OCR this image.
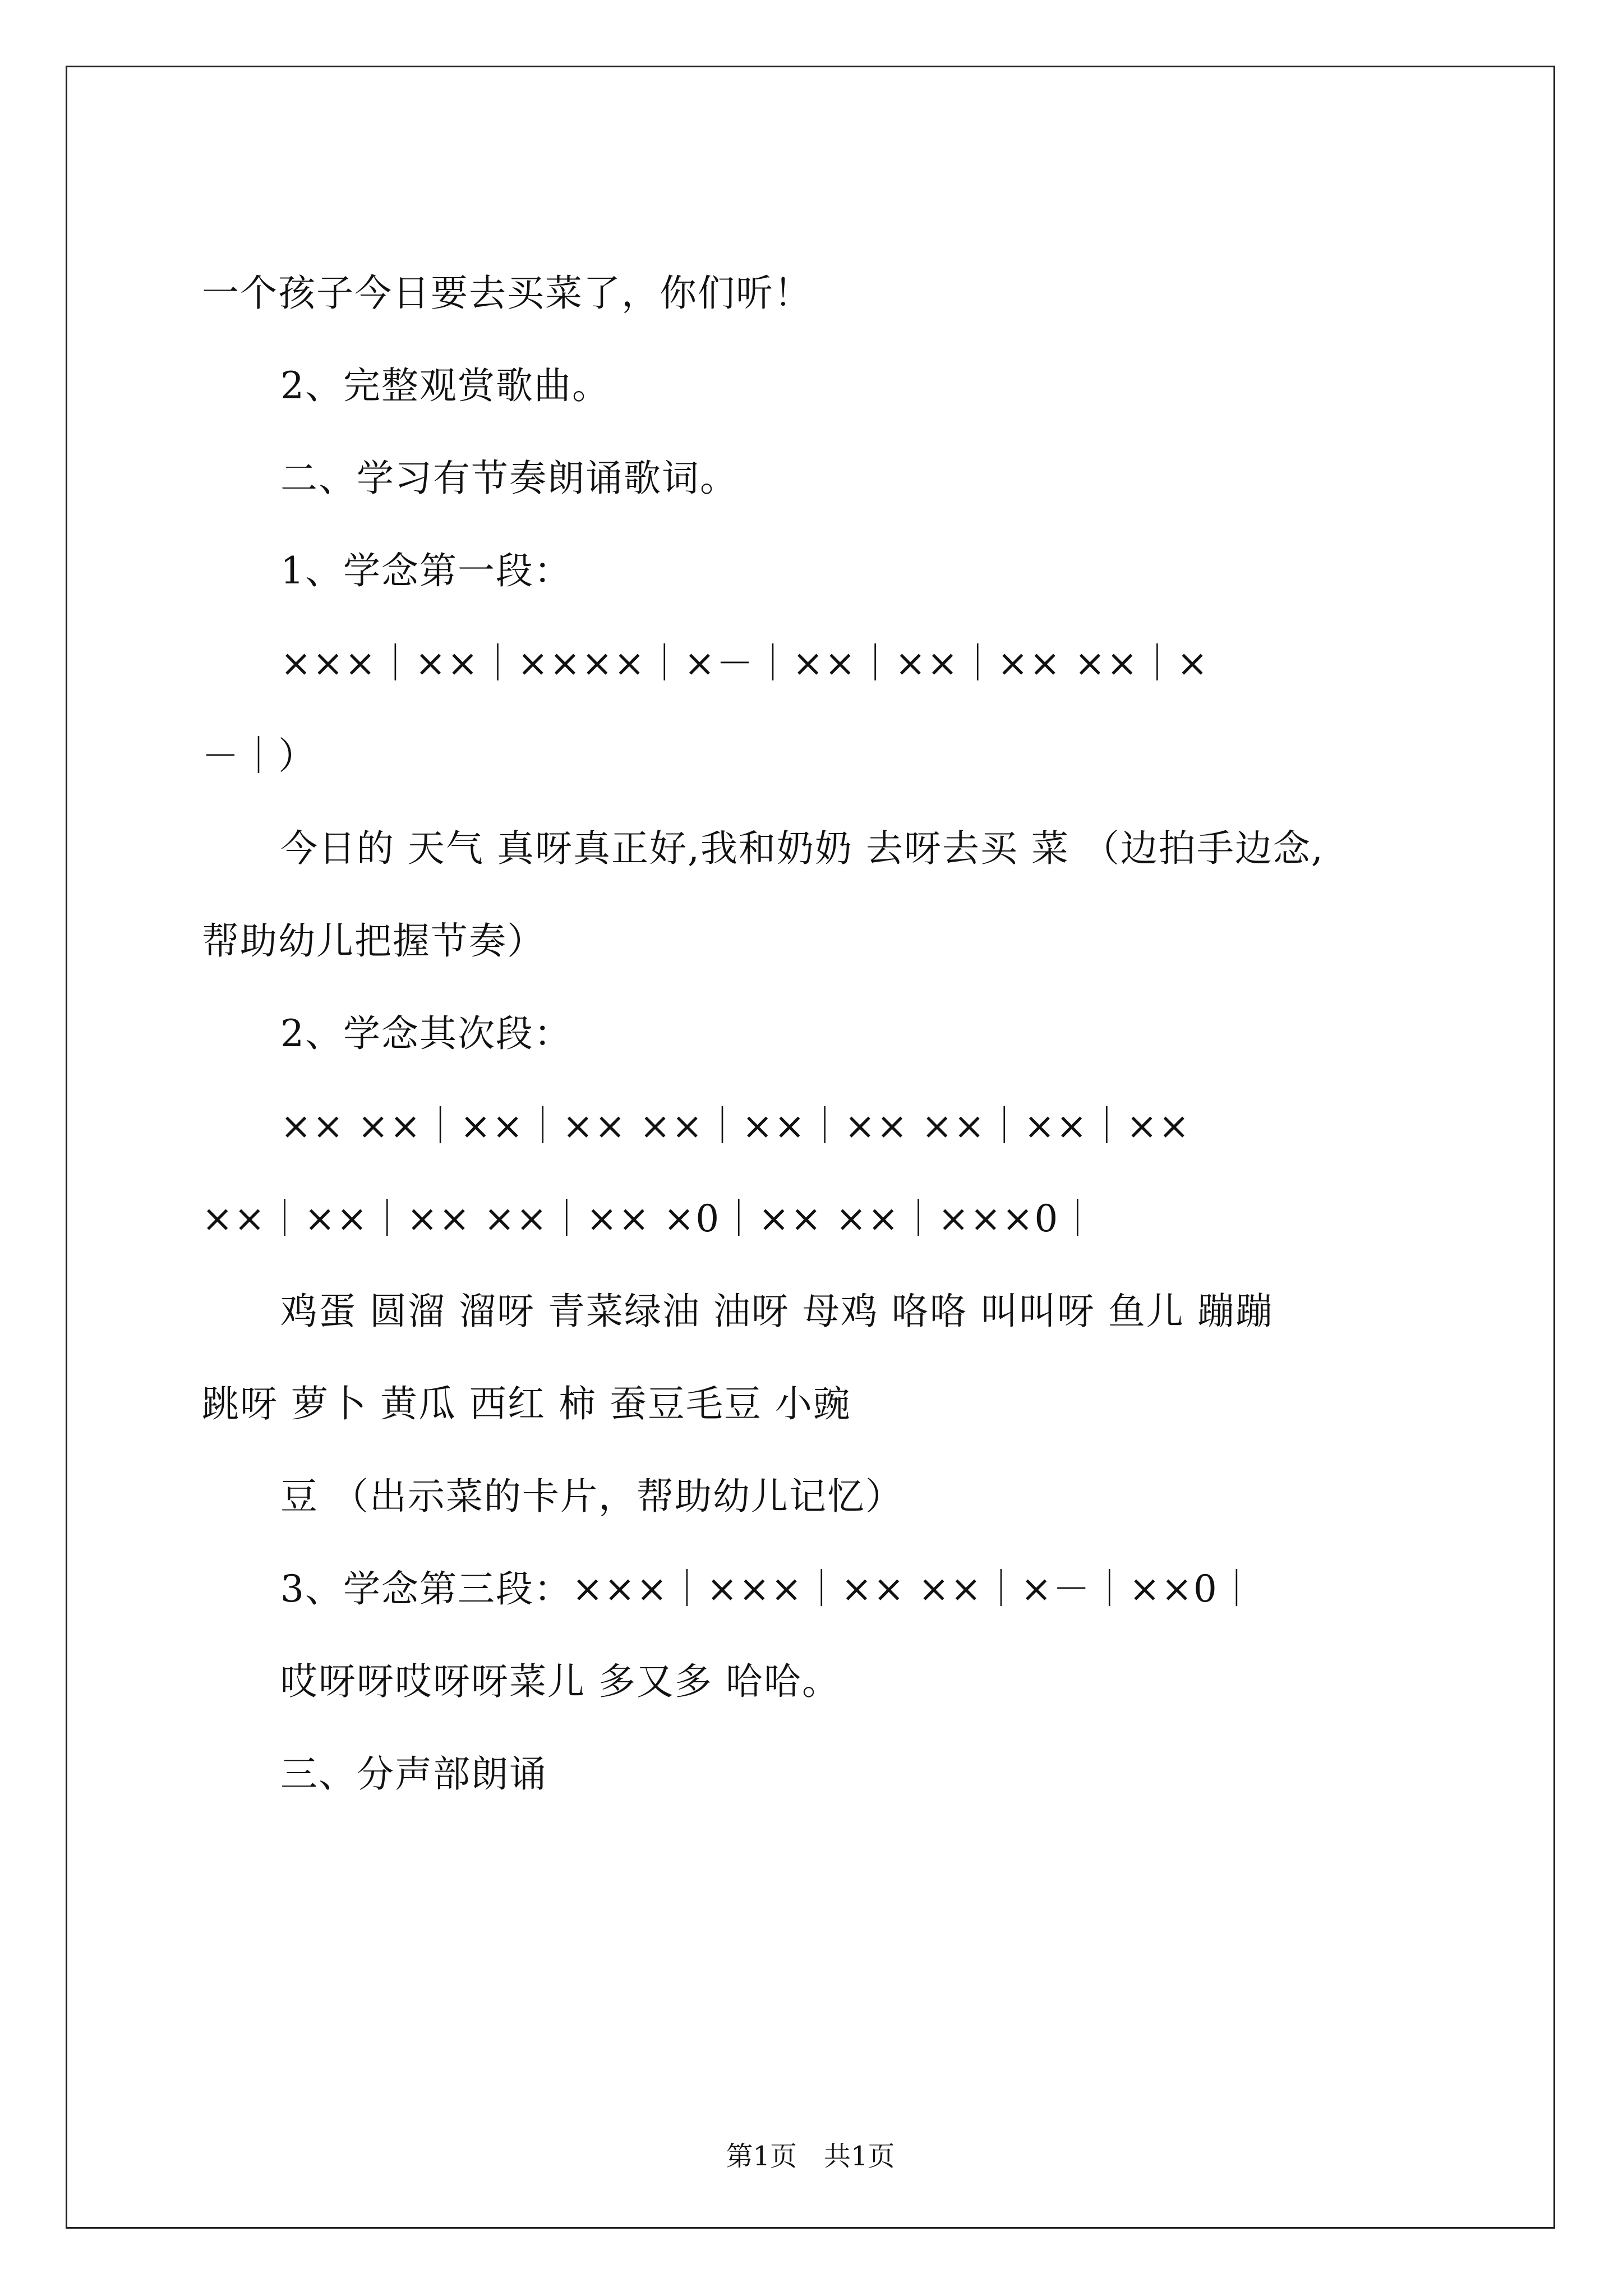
一个孩子今日要去买菜了，你们听！
2、完整观赏歌曲。
二、学习有节奏朗诵歌词。
1、学念第一段：
×××｜××｜××××｜×－｜××｜××｜×× ××｜×
－｜）
今日的 天气 真呀真正好,我和奶奶 去呀去买 菜 （边拍手边念,
帮助幼儿把握节奏）
2、学念其次段：
×× ××｜××｜×× ××｜××｜×× ××｜××｜××
××｜××｜×× ××｜×× ×0｜×× ××｜×××0｜
鸡蛋 圆溜 溜呀 青菜绿油 油呀 母鸡 咯咯 叫叫呀 鱼儿 蹦蹦
跳呀 萝卜 黄瓜 西红 柿 蚕豆毛豆 小豌
豆 （出示菜的卡片，帮助幼儿记忆）
3、学念第三段：×××｜×××｜×× ××｜×－｜××0｜
哎呀呀哎呀呀菜儿 多又多 哈哈。
三、分声部朗诵
第1页　共1页
